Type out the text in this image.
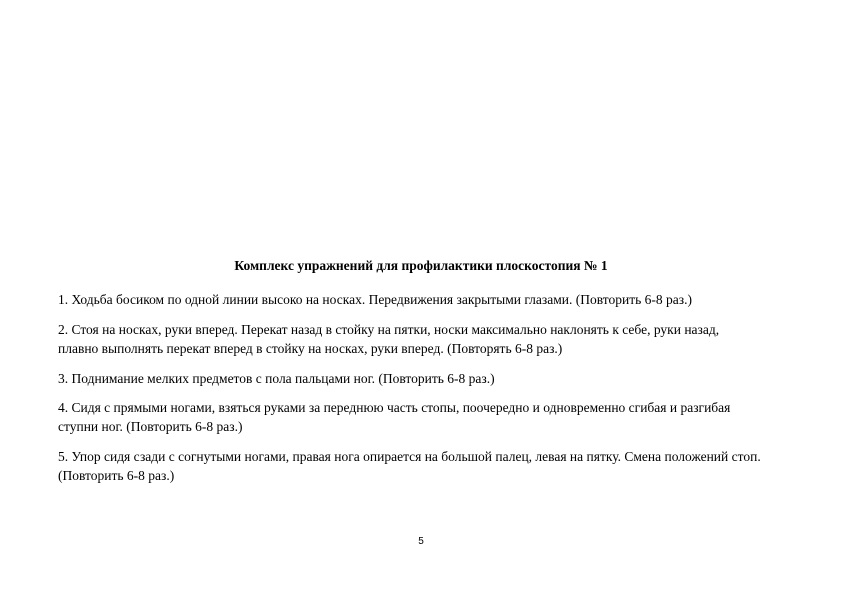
Комплекс упражнений для профилактики плоскостопия № 1

1. Ходьба босиком по одной линии высоко на носках. Передвижения закрытыми глазами. (Повторить 6-8 раз.)

2. Стоя на носках, руки вперед. Перекат назад в стойку на пятки, носки максимально наклонять к себе, руки назад,
плавно выполнять перекат вперед в стойку на носках, руки вперед. (Повторять 6-8 раз.)

3. Поднимание мелких предметов с пола пальцами ног. (Повторить 6-8 раз.)

4. Сидя с прямыми ногами, взяться руками за переднюю часть стопы, поочередно и одновременно сгибая и разгибая
ступни ног. (Повторить 6-8 раз.)

5. Упор сидя сзади с согнутыми ногами, правая нога опирается на большой палец, левая на пятку. Смена положений стоп.
(Повторить 6-8 раз.)

5
